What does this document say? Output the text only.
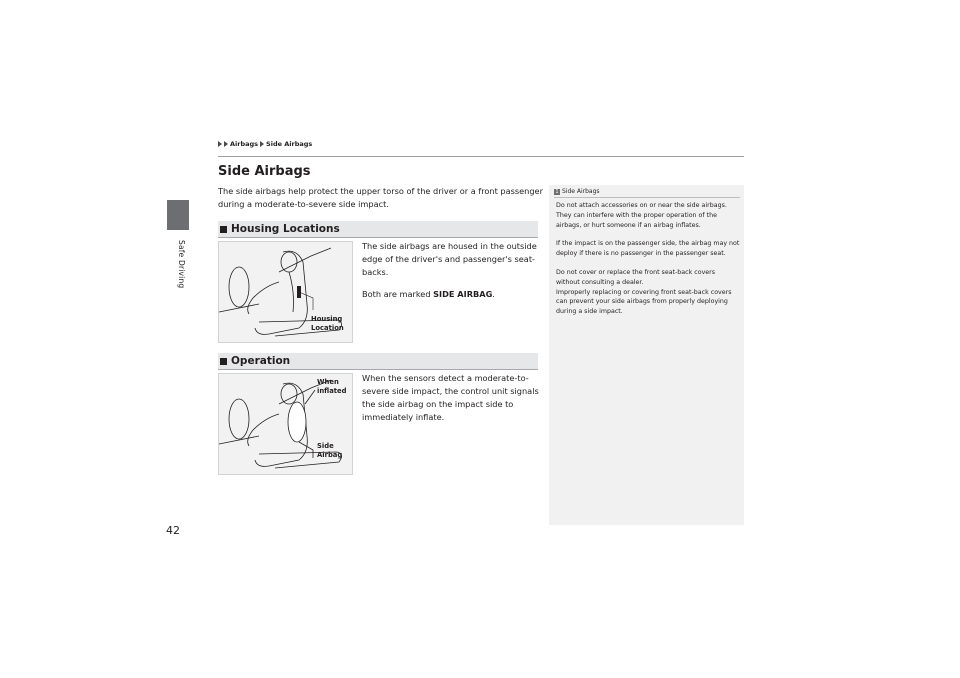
Safe Driving
42
Airbags Side Airbags
Side Airbags
The side airbags help protect the upper torso of the driver or a front passenger during a moderate-to-severe side impact.
Housing Locations
Housing
Location
The side airbags are housed in the outside edge of the driver's and passenger's seat-backs.
Both are marked SIDE AIRBAG.
Operation
When
inflated
Side
Airbag
When the sensors detect a moderate-to-severe side impact, the control unit signals the side airbag on the impact side to immediately inflate.
1 Side Airbags

Do not attach accessories on or near the side airbags. They can interfere with the proper operation of the airbags, or hurt someone if an airbag inflates.

If the impact is on the passenger side, the airbag may not deploy if there is no passenger in the passenger seat.

Do not cover or replace the front seat-back covers without consulting a dealer.

Improperly replacing or covering front seat-back covers can prevent your side airbags from properly deploying during a side impact.
